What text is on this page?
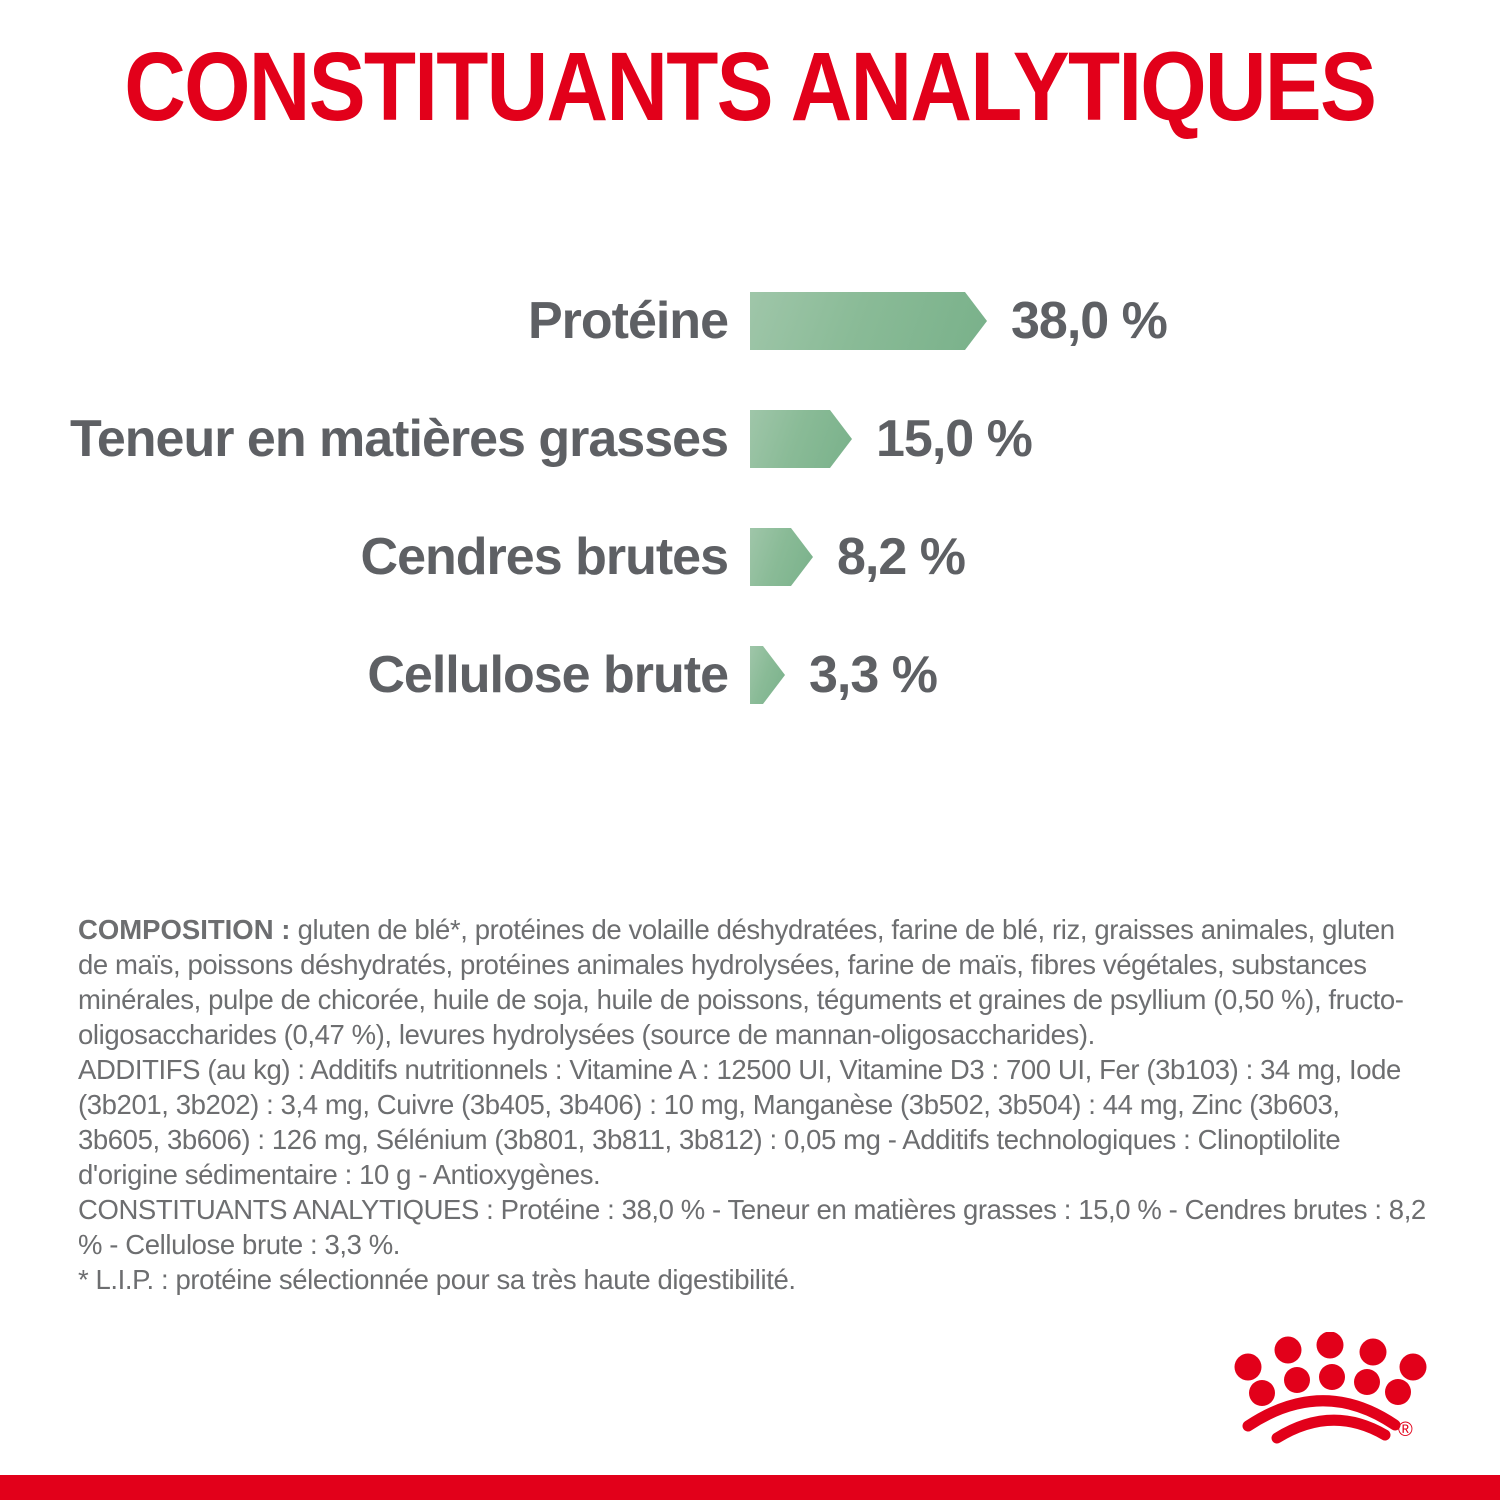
CONSTITUANTS ANALYTIQUES
Protéine	38,0 %
Teneur en matières grasses	15,0 %
Cendres brutes 8,2 %
Cellulose brute 3,3 %

COMPOSITION : gluten de blé*, protéines de volaille déshydratées, farine de blé, riz, graisses animales, gluten de maïs, poissons déshydratés, protéines animales hydrolysées, farine de maïs, fibres végétales, substances minérales, pulpe de chicorée, huile de soja, huile de poissons, téguments et graines de psyllium (0,50 %), fructo-oligosaccharides (0,47 %), levures hydrolysées (source de mannan-oligosaccharides).

ADDITIFS (au kg) : Additifs nutritionnels : Vitamine A : 12500 UI, Vitamine D3 : 700 UI, Fer (3b103) : 34 mg, Iode (3b201, 3b202) : 3,4 mg, Cuivre (3b405, 3b406) : 10 mg, Manganèse (3b502, 3b504) : 44 mg, Zinc (3b603, 3b605, 3b606) : 126 mg, Sélénium (3b801, 3b811, 3b812) : 0,05 mg - Additifs technologiques : Clinoptilolite d'origine sédimentaire : 10 g - Antioxygènes.

CONSTITUANTS ANALYTIQUES : Protéine : 38,0 % - Teneur en matières grasses : 15,0 % - Cendres brutes : 8,2 % - Cellulose brute : 3,3 %.

* L.I.P. : protéine sélectionnée pour sa très haute digestibilité.

®
